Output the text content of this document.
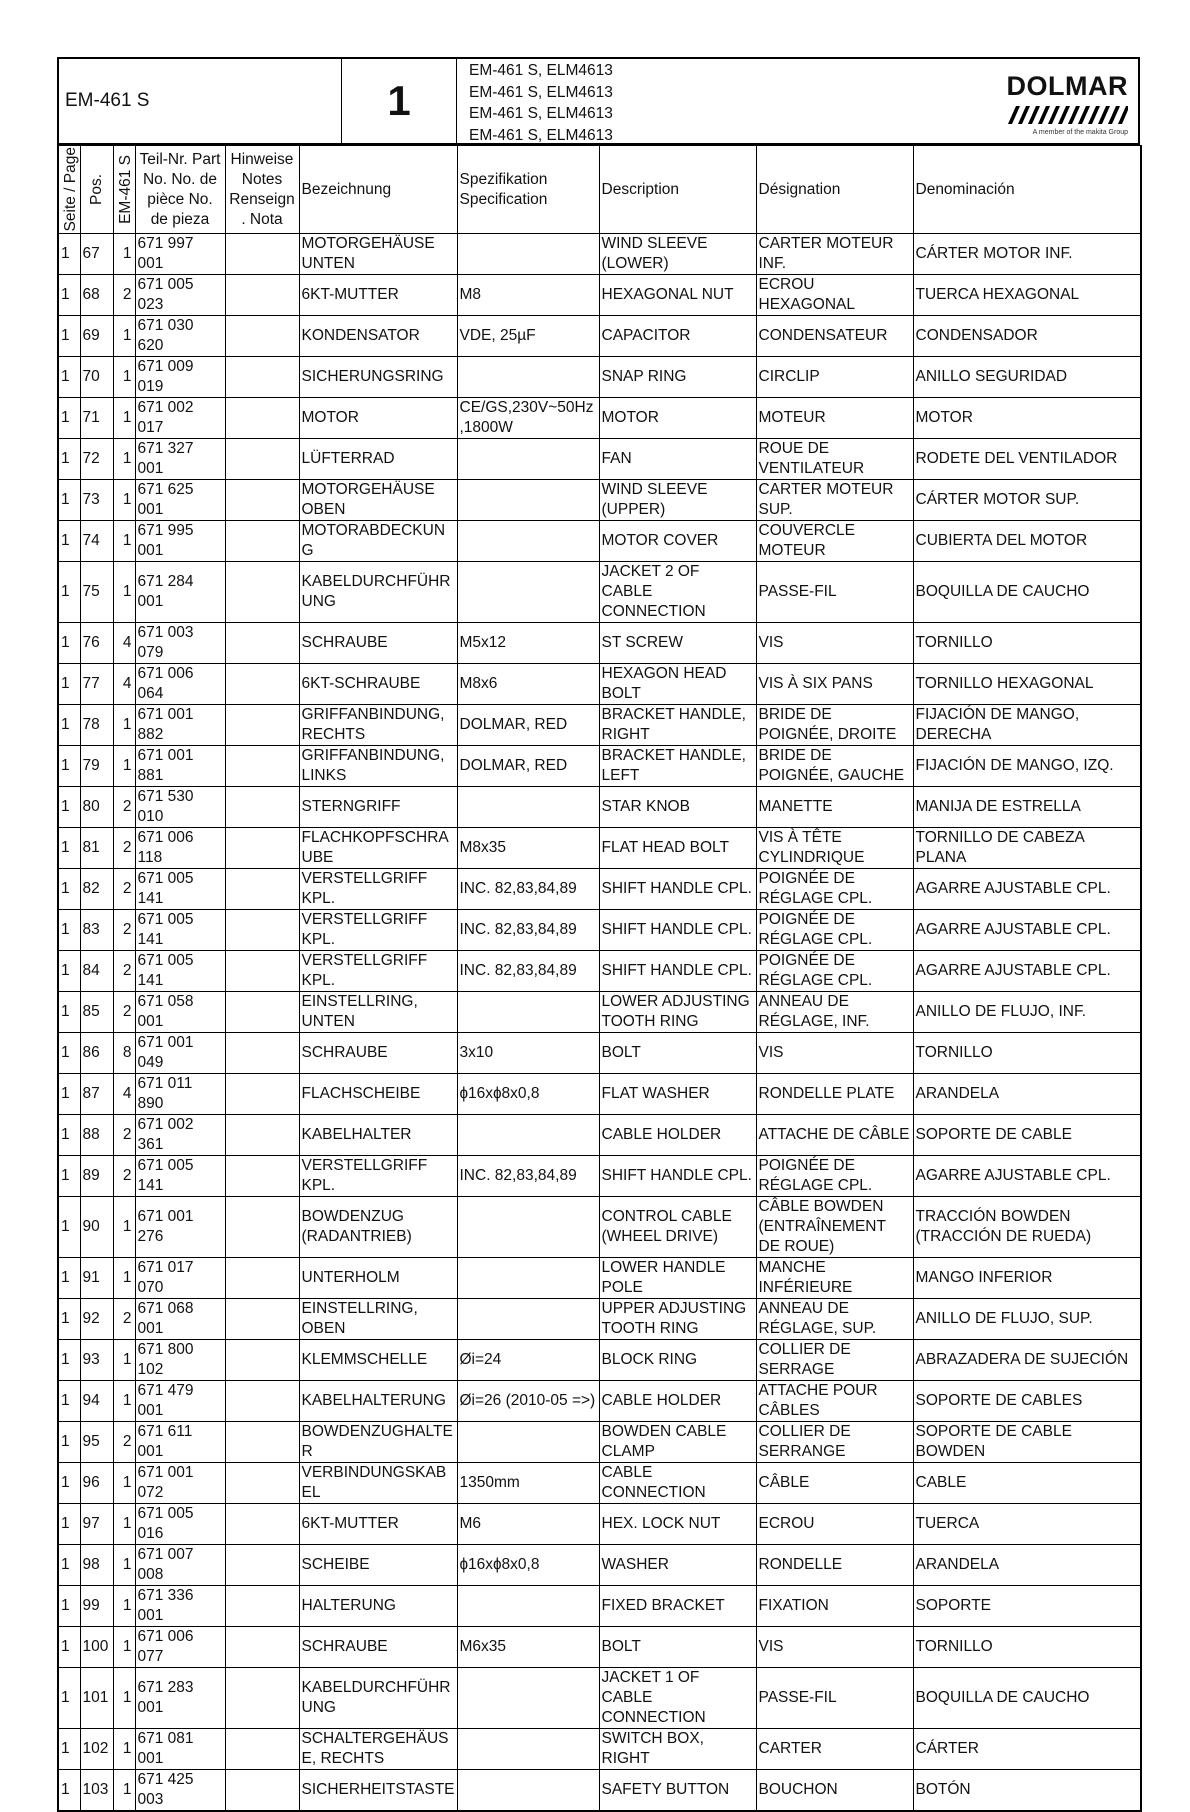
EM-461 S	1
EM-461 S, ELM4613
EM-461 S, ELM4613
EM-461 S, ELM4613
EM-461 S, ELM4613
DOLMAR
A member of the makita Group
Seite / Page	Pos.	EM-461 S	Teil-Nr. Part No. No. de pièce No. de pieza	Hinweise Notes Renseign. Nota	Bezeichnung	Spezifikation Specification	Description	Désignation	Denominación
1	67	1	671 997 001		MOTORGEHÄUSE UNTEN		WIND SLEEVE (LOWER)	CARTER MOTEUR INF.	CÁRTER MOTOR INF.
1	68	2	671 005 023		6KT-MUTTER	M8	HEXAGONAL NUT	ECROU HEXAGONAL	TUERCA HEXAGONAL
1	69	1	671 030 620		KONDENSATOR	VDE, 25µF	CAPACITOR	CONDENSATEUR	CONDENSADOR
1	70	1	671 009 019		SICHERUNGSRING		SNAP RING	CIRCLIP	ANILLO SEGURIDAD
1	71	1	671 002 017		MOTOR	CE/GS,230V~50Hz,1800W	MOTOR	MOTEUR	MOTOR
1	72	1	671 327 001		LÜFTERRAD		FAN	ROUE DE VENTILATEUR	RODETE DEL VENTILADOR
1	73	1	671 625 001		MOTORGEHÄUSE OBEN		WIND SLEEVE (UPPER)	CARTER MOTEUR SUP.	CÁRTER MOTOR SUP.
1	74	1	671 995 001		MOTORABDECKUNG		MOTOR COVER	COUVERCLE MOTEUR	CUBIERTA DEL MOTOR
1	75	1	671 284 001		KABELDURCHFÜHRUNG		JACKET 2 OF CABLE CONNECTION	PASSE-FIL	BOQUILLA DE CAUCHO
1	76	4	671 003 079		SCHRAUBE	M5x12	ST SCREW	VIS	TORNILLO
1	77	4	671 006 064		6KT-SCHRAUBE	M8x6	HEXAGON HEAD BOLT	VIS À SIX PANS	TORNILLO HEXAGONAL
1	78	1	671 001 882		GRIFFANBINDUNG, RECHTS	DOLMAR, RED	BRACKET HANDLE, RIGHT	BRIDE DE POIGNÉE, DROITE	FIJACIÓN DE MANGO, DERECHA
1	79	1	671 001 881		GRIFFANBINDUNG, LINKS	DOLMAR, RED	BRACKET HANDLE, LEFT	BRIDE DE POIGNÉE, GAUCHE	FIJACIÓN DE MANGO, IZQ.
1	80	2	671 530 010		STERNGRIFF		STAR KNOB	MANETTE	MANIJA DE ESTRELLA
1	81	2	671 006 118		FLACHKOPFSCHRAUBE	M8x35	FLAT HEAD BOLT	VIS À TÊTE CYLINDRIQUE	TORNILLO DE CABEZA PLANA
1	82	2	671 005 141		VERSTELLGRIFF KPL.	INC. 82,83,84,89	SHIFT HANDLE CPL.	POIGNÉE DE RÉGLAGE CPL.	AGARRE AJUSTABLE CPL.
1	83	2	671 005 141		VERSTELLGRIFF KPL.	INC. 82,83,84,89	SHIFT HANDLE CPL.	POIGNÉE DE RÉGLAGE CPL.	AGARRE AJUSTABLE CPL.
1	84	2	671 005 141		VERSTELLGRIFF KPL.	INC. 82,83,84,89	SHIFT HANDLE CPL.	POIGNÉE DE RÉGLAGE CPL.	AGARRE AJUSTABLE CPL.
1	85	2	671 058 001		EINSTELLRING, UNTEN		LOWER ADJUSTING TOOTH RING	ANNEAU DE RÉGLAGE, INF.	ANILLO DE FLUJO, INF.
1	86	8	671 001 049		SCHRAUBE	3x10	BOLT	VIS	TORNILLO
1	87	4	671 011 890		FLACHSCHEIBE	ɸ16xɸ8x0,8	FLAT WASHER	RONDELLE PLATE	ARANDELA
1	88	2	671 002 361		KABELHALTER		CABLE HOLDER	ATTACHE DE CÂBLE	SOPORTE DE CABLE
1	89	2	671 005 141		VERSTELLGRIFF KPL.	INC. 82,83,84,89	SHIFT HANDLE CPL.	POIGNÉE DE RÉGLAGE CPL.	AGARRE AJUSTABLE CPL.
1	90	1	671 001 276		BOWDENZUG (RADANTRIEB)		CONTROL CABLE (WHEEL DRIVE)	CÂBLE BOWDEN (ENTRAÎNEMENT DE ROUE)	TRACCIÓN BOWDEN (TRACCIÓN DE RUEDA)
1	91	1	671 017 070		UNTERHOLM		LOWER HANDLE POLE	MANCHE INFÉRIEURE	MANGO INFERIOR
1	92	2	671 068 001		EINSTELLRING, OBEN		UPPER ADJUSTING TOOTH RING	ANNEAU DE RÉGLAGE, SUP.	ANILLO DE FLUJO, SUP.
1	93	1	671 800 102		KLEMMSCHELLE	Øi=24	BLOCK RING	COLLIER DE SERRAGE	ABRAZADERA DE SUJECIÓN
1	94	1	671 479 001		KABELHALTERUNG	Øi=26 (2010-05 =>)	CABLE HOLDER	ATTACHE POUR CÂBLES	SOPORTE DE CABLES
1	95	2	671 611 001		BOWDENZUGHALTER		BOWDEN CABLE CLAMP	COLLIER DE SERRANGE	SOPORTE DE CABLE BOWDEN
1	96	1	671 001 072		VERBINDUNGSKABEL	1350mm	CABLE CONNECTION	CÂBLE	CABLE
1	97	1	671 005 016		6KT-MUTTER	M6	HEX. LOCK NUT	ECROU	TUERCA
1	98	1	671 007 008		SCHEIBE	ɸ16xɸ8x0,8	WASHER	RONDELLE	ARANDELA
1	99	1	671 336 001		HALTERUNG		FIXED BRACKET	FIXATION	SOPORTE
1	100	1	671 006 077		SCHRAUBE	M6x35	BOLT	VIS	TORNILLO
1	101	1	671 283 001		KABELDURCHFÜHRUNG		JACKET 1 OF CABLE CONNECTION	PASSE-FIL	BOQUILLA DE CAUCHO
1	102	1	671 081 001		SCHALTERGEHÄUSE, RECHTS		SWITCH BOX, RIGHT	CARTER	CÁRTER
1	103	1	671 425 003		SICHERHEITSTASTE		SAFETY BUTTON	BOUCHON	BOTÓN
